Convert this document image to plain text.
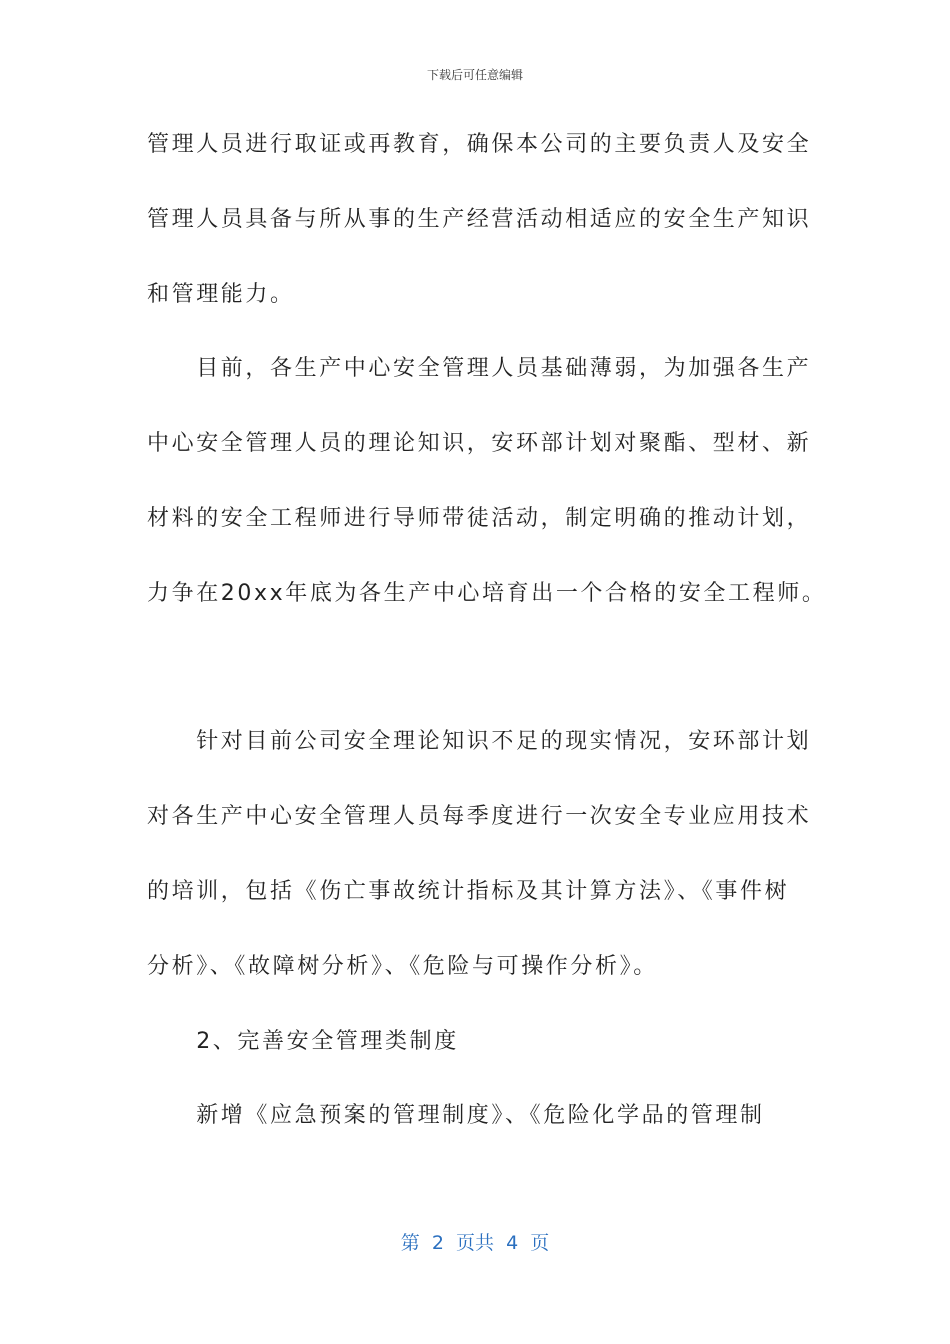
下载后可任意编辑
管理人员进行取证或再教育，确保本公司的主要负责人及安全
管理人员具备与所从事的生产经营活动相适应的安全生产知识
和管理能力。
　　目前，各生产中心安全管理人员基础薄弱，为加强各生产
中心安全管理人员的理论知识，安环部计划对聚酯、型材、新
材料的安全工程师进行导师带徒活动，制定明确的推动计划，
力争在20xx年底为各生产中心培育出一个合格的安全工程师。
　　针对目前公司安全理论知识不足的现实情况，安环部计划
对各生产中心安全管理人员每季度进行一次安全专业应用技术
的培训，包括《伤亡事故统计指标及其计算方法》、《事件树
分析》、《故障树分析》、《危险与可操作分析》。
　　2、完善安全管理类制度
　　新增《应急预案的管理制度》、《危险化学品的管理制
第  2  页共  4  页
